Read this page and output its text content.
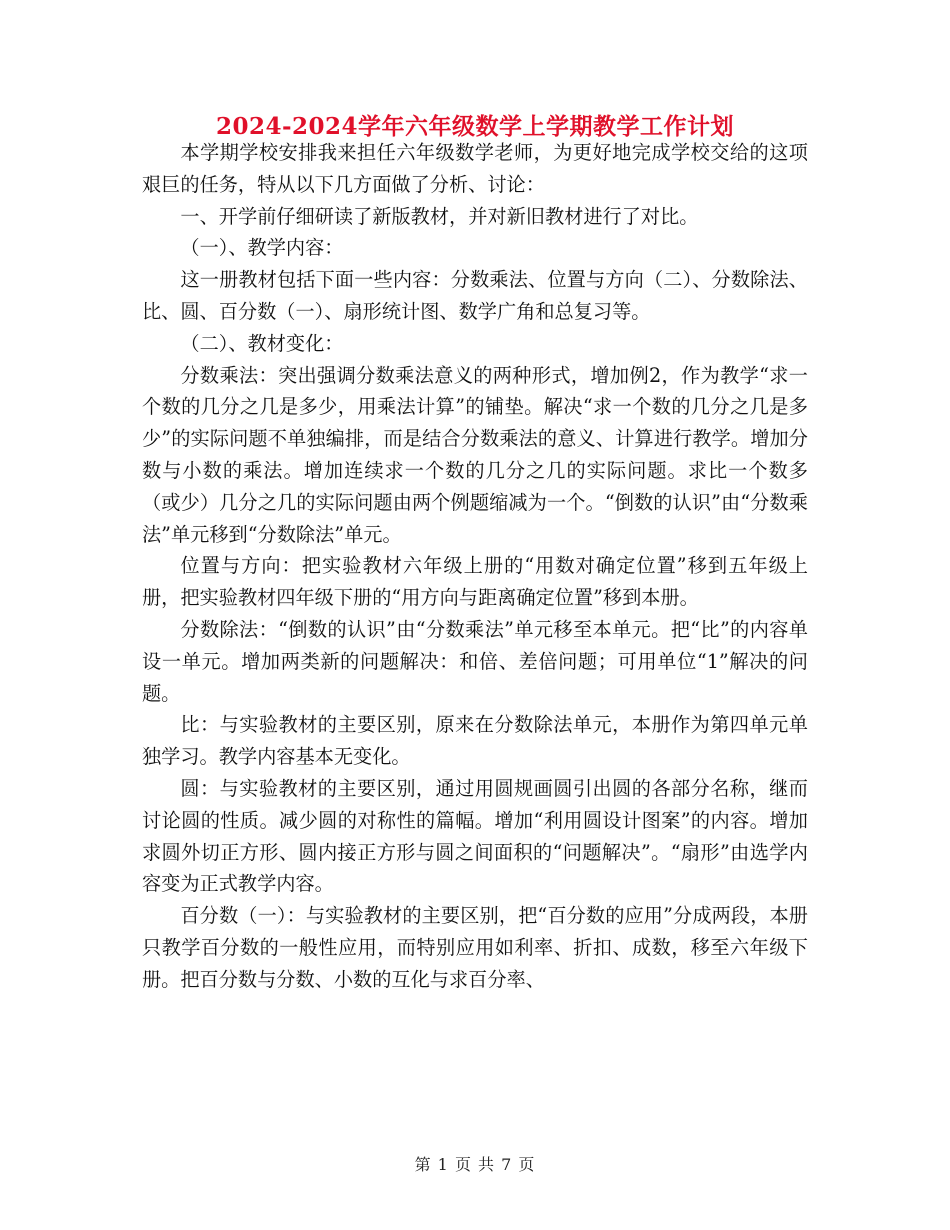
2024-2024学年六年级数学上学期教学工作计划

本学期学校安排我来担任六年级数学老师，为更好地完成学校交给的这项艰巨的任务，特从以下几方面做了分析、讨论：

一、开学前仔细研读了新版教材，并对新旧教材进行了对比。

（一）、教学内容：

这一册教材包括下面一些内容：分数乘法、位置与方向（二）、分数除法、比、圆、百分数（一）、扇形统计图、数学广角和总复习等。

（二）、教材变化：

分数乘法：突出强调分数乘法意义的两种形式，增加例2，作为教学“求一个数的几分之几是多少，用乘法计算”的铺垫。解决“求一个数的几分之几是多少”的实际问题不单独编排，而是结合分数乘法的意义、计算进行教学。增加分数与小数的乘法。增加连续求一个数的几分之几的实际问题。求比一个数多（或少）几分之几的实际问题由两个例题缩减为一个。“倒数的认识”由“分数乘法”单元移到“分数除法”单元。

位置与方向：把实验教材六年级上册的“用数对确定位置”移到五年级上册，把实验教材四年级下册的“用方向与距离确定位置”移到本册。

分数除法：“倒数的认识”由“分数乘法”单元移至本单元。把“比”的内容单设一单元。增加两类新的问题解决：和倍、差倍问题；可用单位“1”解决的问题。

比：与实验教材的主要区别，原来在分数除法单元，本册作为第四单元单独学习。教学内容基本无变化。

圆：与实验教材的主要区别，通过用圆规画圆引出圆的各部分名称，继而讨论圆的性质。减少圆的对称性的篇幅。增加“利用圆设计图案”的内容。增加求圆外切正方形、圆内接正方形与圆之间面积的“问题解决”。“扇形”由选学内容变为正式教学内容。

百分数（一）：与实验教材的主要区别，把“百分数的应用”分成两段，本册只教学百分数的一般性应用，而特别应用如利率、折扣、成数，移至六年级下册。把百分数与分数、小数的互化与求百分率、

第 1 页 共 7 页
